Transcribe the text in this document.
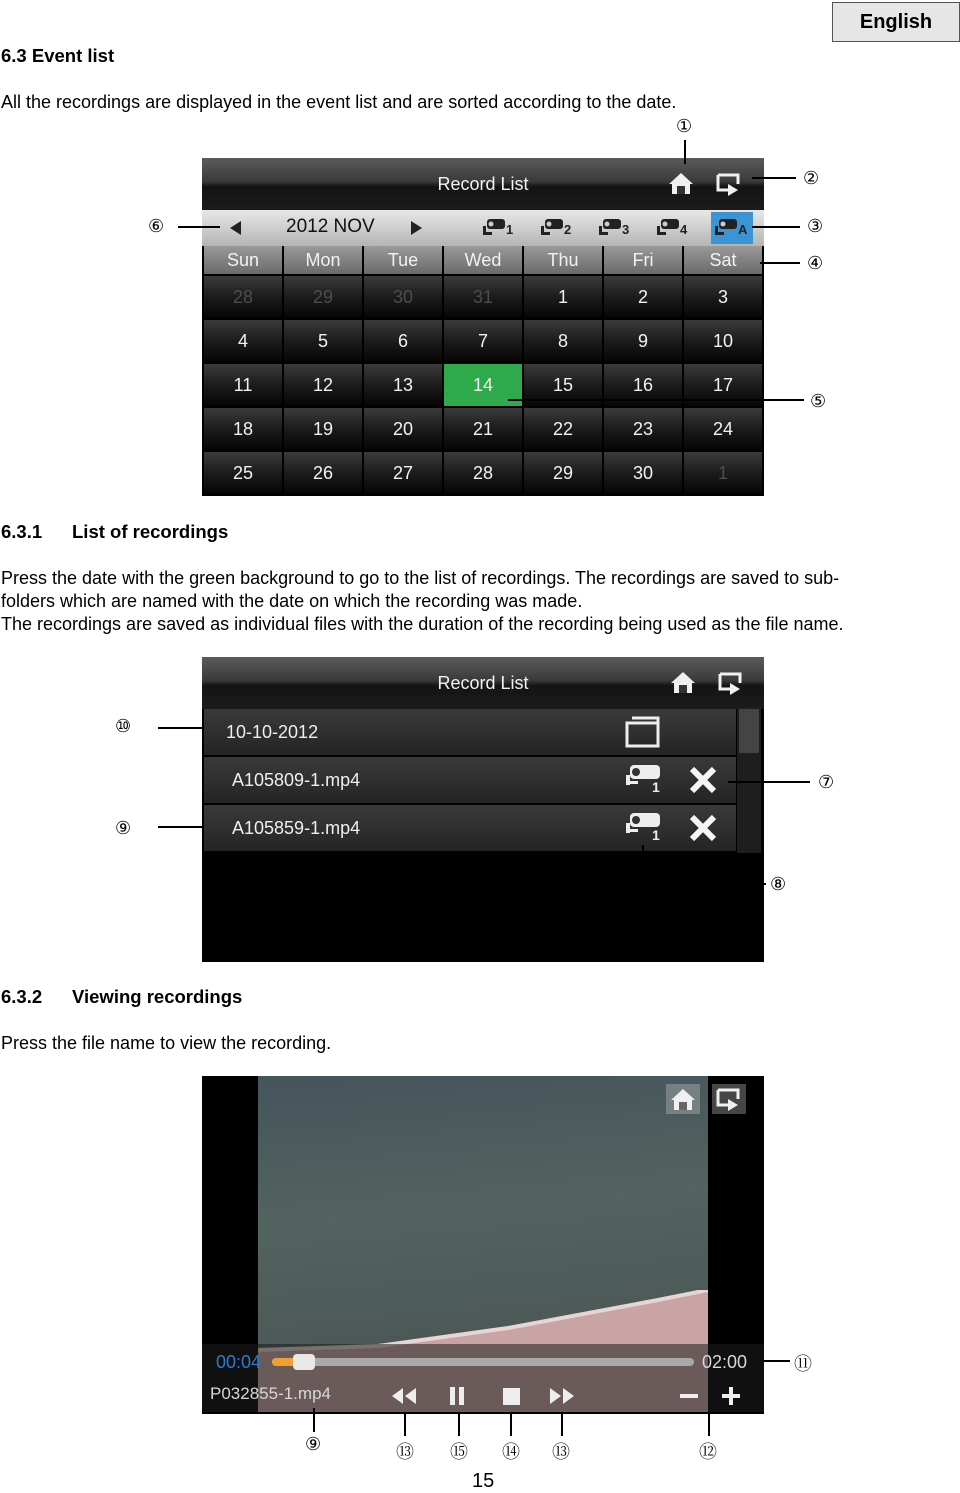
English
6.3 Event list
All the recordings are displayed in the event list and are sorted according to the date.
Record List
2012 NOV	1	2	3	4	A
Sun	Mon	Tue	Wed	Thu	Fri	Sat
28	29	30	31	1	2	3
4	5	6	7	8	9	10
11	12	13	14	15	16	17
18	19	20	21	22	23	24
25	26	27	28	29	30	1
①
②
③
④
⑤
⑥
6.3.1 List of recordings
Press the date with the green background to go to the list of recordings. The recordings are saved to sub-
folders which are named with the date on which the recording was made.
The recordings are saved as individual files with the duration of the recording being used as the file name.
Record List
10-10-2012
A105809-1.mp4	1
A105859-1.mp4	1
⑩
⑨
⑦
⑧
6.3.2 Viewing recordings
Press the file name to view the recording.
00:04	02:00
P032855-1.mp4
⑪
⑨	⑬ ⑮ ⑭ ⑬	⑫
15
